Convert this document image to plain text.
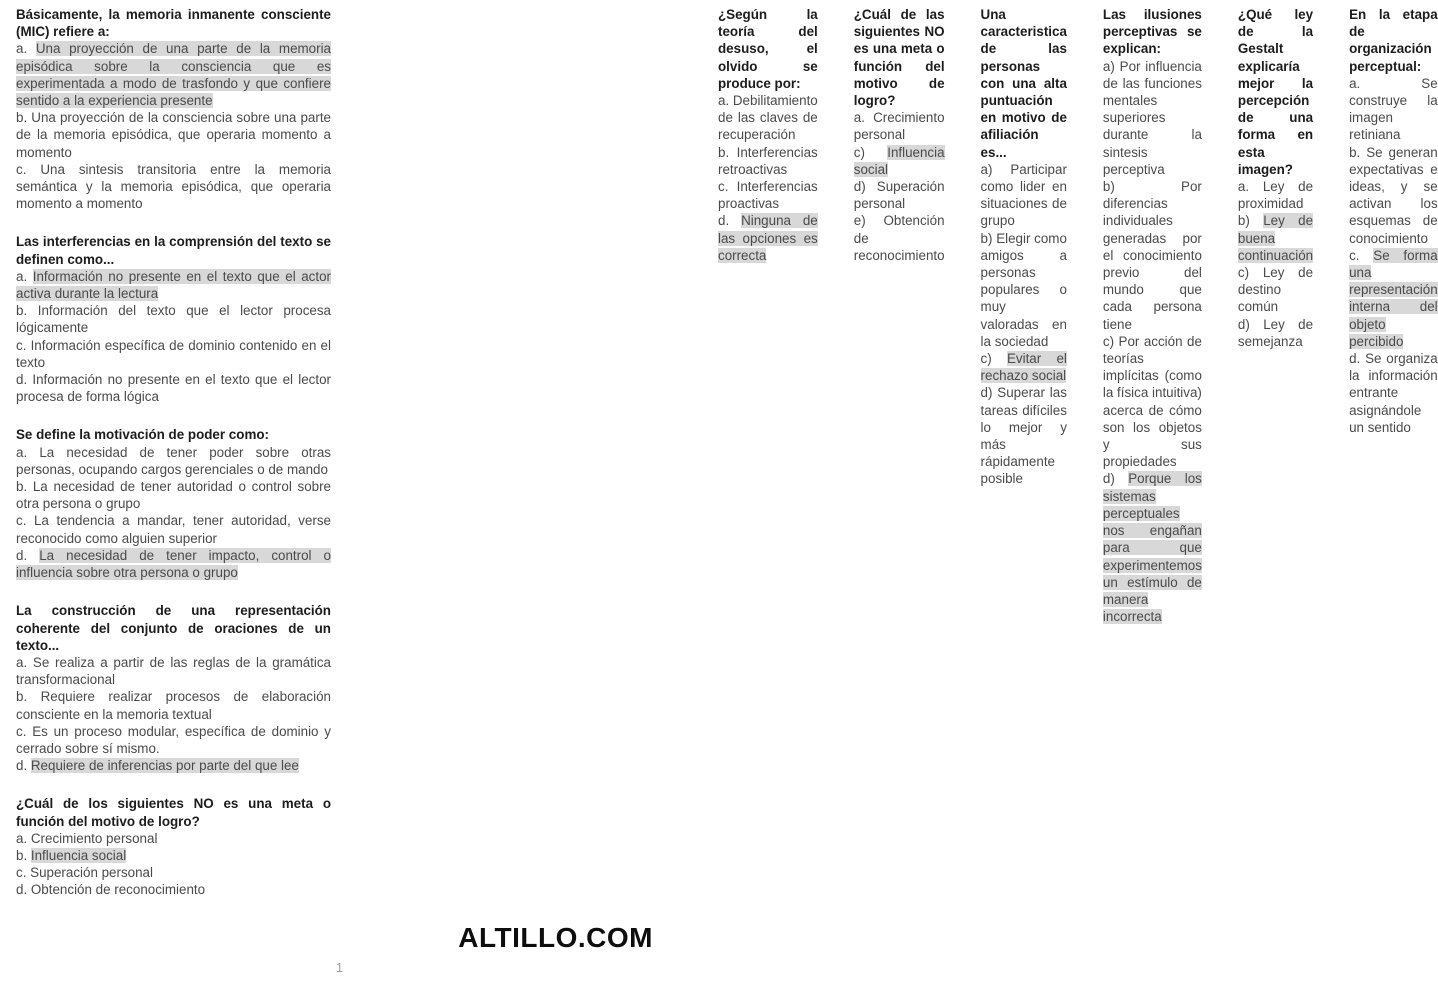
Básicamente, la memoria inmanente consciente (MIC) refiere a:
a. Una proyección de una parte de la memoria episódica sobre la consciencia que es experimentada a modo de trasfondo y que confiere sentido a la experiencia presente
b. Una proyección de la consciencia sobre una parte de la memoria episódica, que operaria momento a momento
c. Una sintesis transitoria entre la memoria semántica y la memoria episódica, que operaria momento a momento
Las interferencias en la comprensión del texto se definen como...
a. Información no presente en el texto que el actor activa durante la lectura
b. Información del texto que el lector procesa lógicamente
c. Información específica de dominio contenido en el texto
d. Información no presente en el texto que el lector procesa de forma lógica
Se define la motivación de poder como:
a. La necesidad de tener poder sobre otras personas, ocupando cargos gerenciales o de mando
b. La necesidad de tener autoridad o control sobre otra persona o grupo
c. La tendencia a mandar, tener autoridad, verse reconocido como alguien superior
d. La necesidad de tener impacto, control o influencia sobre otra persona o grupo
La construcción de una representación coherente del conjunto de oraciones de un texto...
a. Se realiza a partir de las reglas de la gramática transformacional
b. Requiere realizar procesos de elaboración consciente en la memoria textual
c. Es un proceso modular, específica de dominio y cerrado sobre sí mismo.
d. Requiere de inferencias por parte del que lee
¿Cuál de los siguientes NO es una meta o función del motivo de logro?
a. Crecimiento personal
b. Influencia social
c. Superación personal
d. Obtención de reconocimiento
¿Según la teoría del desuso, el olvido se produce por:
a. Debilitamiento de las claves de recuperación
b. Interferencias retroactivas
c. Interferencias proactivas
d. Ninguna de las opciones es correcta
¿Cuál de las siguientes NO es una meta o función del motivo de logro?
a. Crecimiento personal
c) Influencia social
d) Superación personal
e) Obtención de reconocimiento
Una caracteristica de las personas con una alta puntuación en motivo de afiliación es...
a) Participar como lider en situaciones de grupo
b) Elegir como amigos a personas populares o muy valoradas en la sociedad
c) Evitar el rechazo social
d) Superar las tareas difíciles lo mejor y más rápidamente posible
Las ilusiones perceptivas se explican:
a) Por influencia de las funciones mentales superiores durante la sintesis perceptiva
b) Por diferencias individuales generadas por el conocimiento previo del mundo que cada persona tiene
c) Por acción de teorías implícitas (como la física intuitiva) acerca de cómo son los objetos y sus propiedades
d) Porque los sistemas perceptuales nos engañan para que experimentemos un estímulo de manera incorrecta
¿Qué ley de la Gestalt explicaría mejor la percepción de una forma en esta imagen?
a. Ley de proximidad
b) Ley de buena continuación
c) Ley de destino común
d) Ley de semejanza
En la etapa de organización perceptual:
a. Se construye la imagen retiniana
b. Se generan expectativas e ideas, y se activan los esquemas de conocimiento
c. Se forma una representación interna del objeto percibido
d. Se organiza la información entrante asignándole un sentido
ALTILLO.COM
1
